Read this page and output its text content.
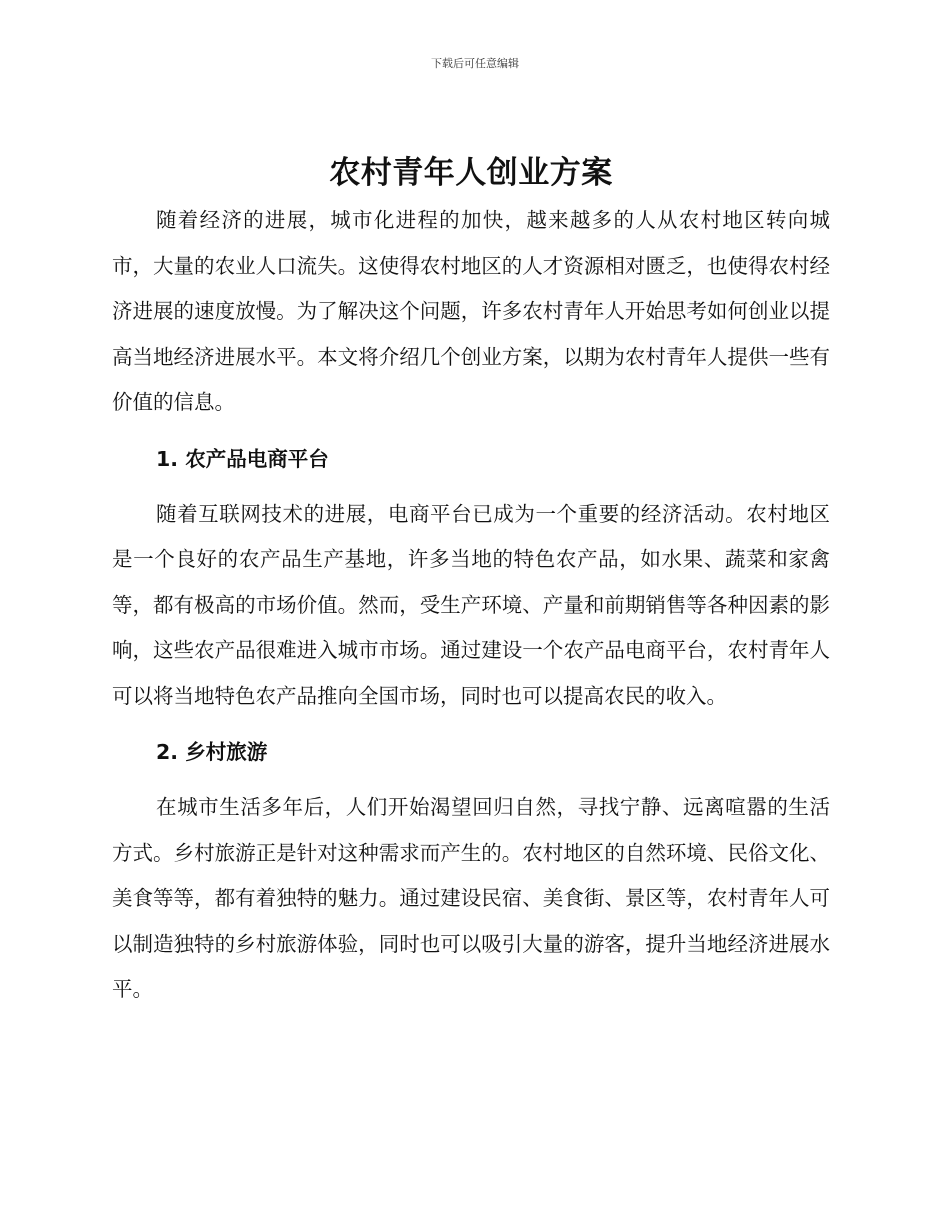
下载后可任意编辑
农村青年人创业方案

随着经济的进展，城市化进程的加快，越来越多的人从农村地区转向城市，大量的农业人口流失。这使得农村地区的人才资源相对匮乏，也使得农村经济进展的速度放慢。为了解决这个问题，许多农村青年人开始思考如何创业以提高当地经济进展水平。本文将介绍几个创业方案，以期为农村青年人提供一些有价值的信息。

1. 农产品电商平台

随着互联网技术的进展，电商平台已成为一个重要的经济活动。农村地区是一个良好的农产品生产基地，许多当地的特色农产品，如水果、蔬菜和家禽等，都有极高的市场价值。然而，受生产环境、产量和前期销售等各种因素的影响，这些农产品很难进入城市市场。通过建设一个农产品电商平台，农村青年人可以将当地特色农产品推向全国市场，同时也可以提高农民的收入。

2. 乡村旅游

在城市生活多年后，人们开始渴望回归自然，寻找宁静、远离喧嚣的生活方式。乡村旅游正是针对这种需求而产生的。农村地区的自然环境、民俗文化、美食等等，都有着独特的魅力。通过建设民宿、美食街、景区等，农村青年人可以制造独特的乡村旅游体验，同时也可以吸引大量的游客，提升当地经济进展水平。
